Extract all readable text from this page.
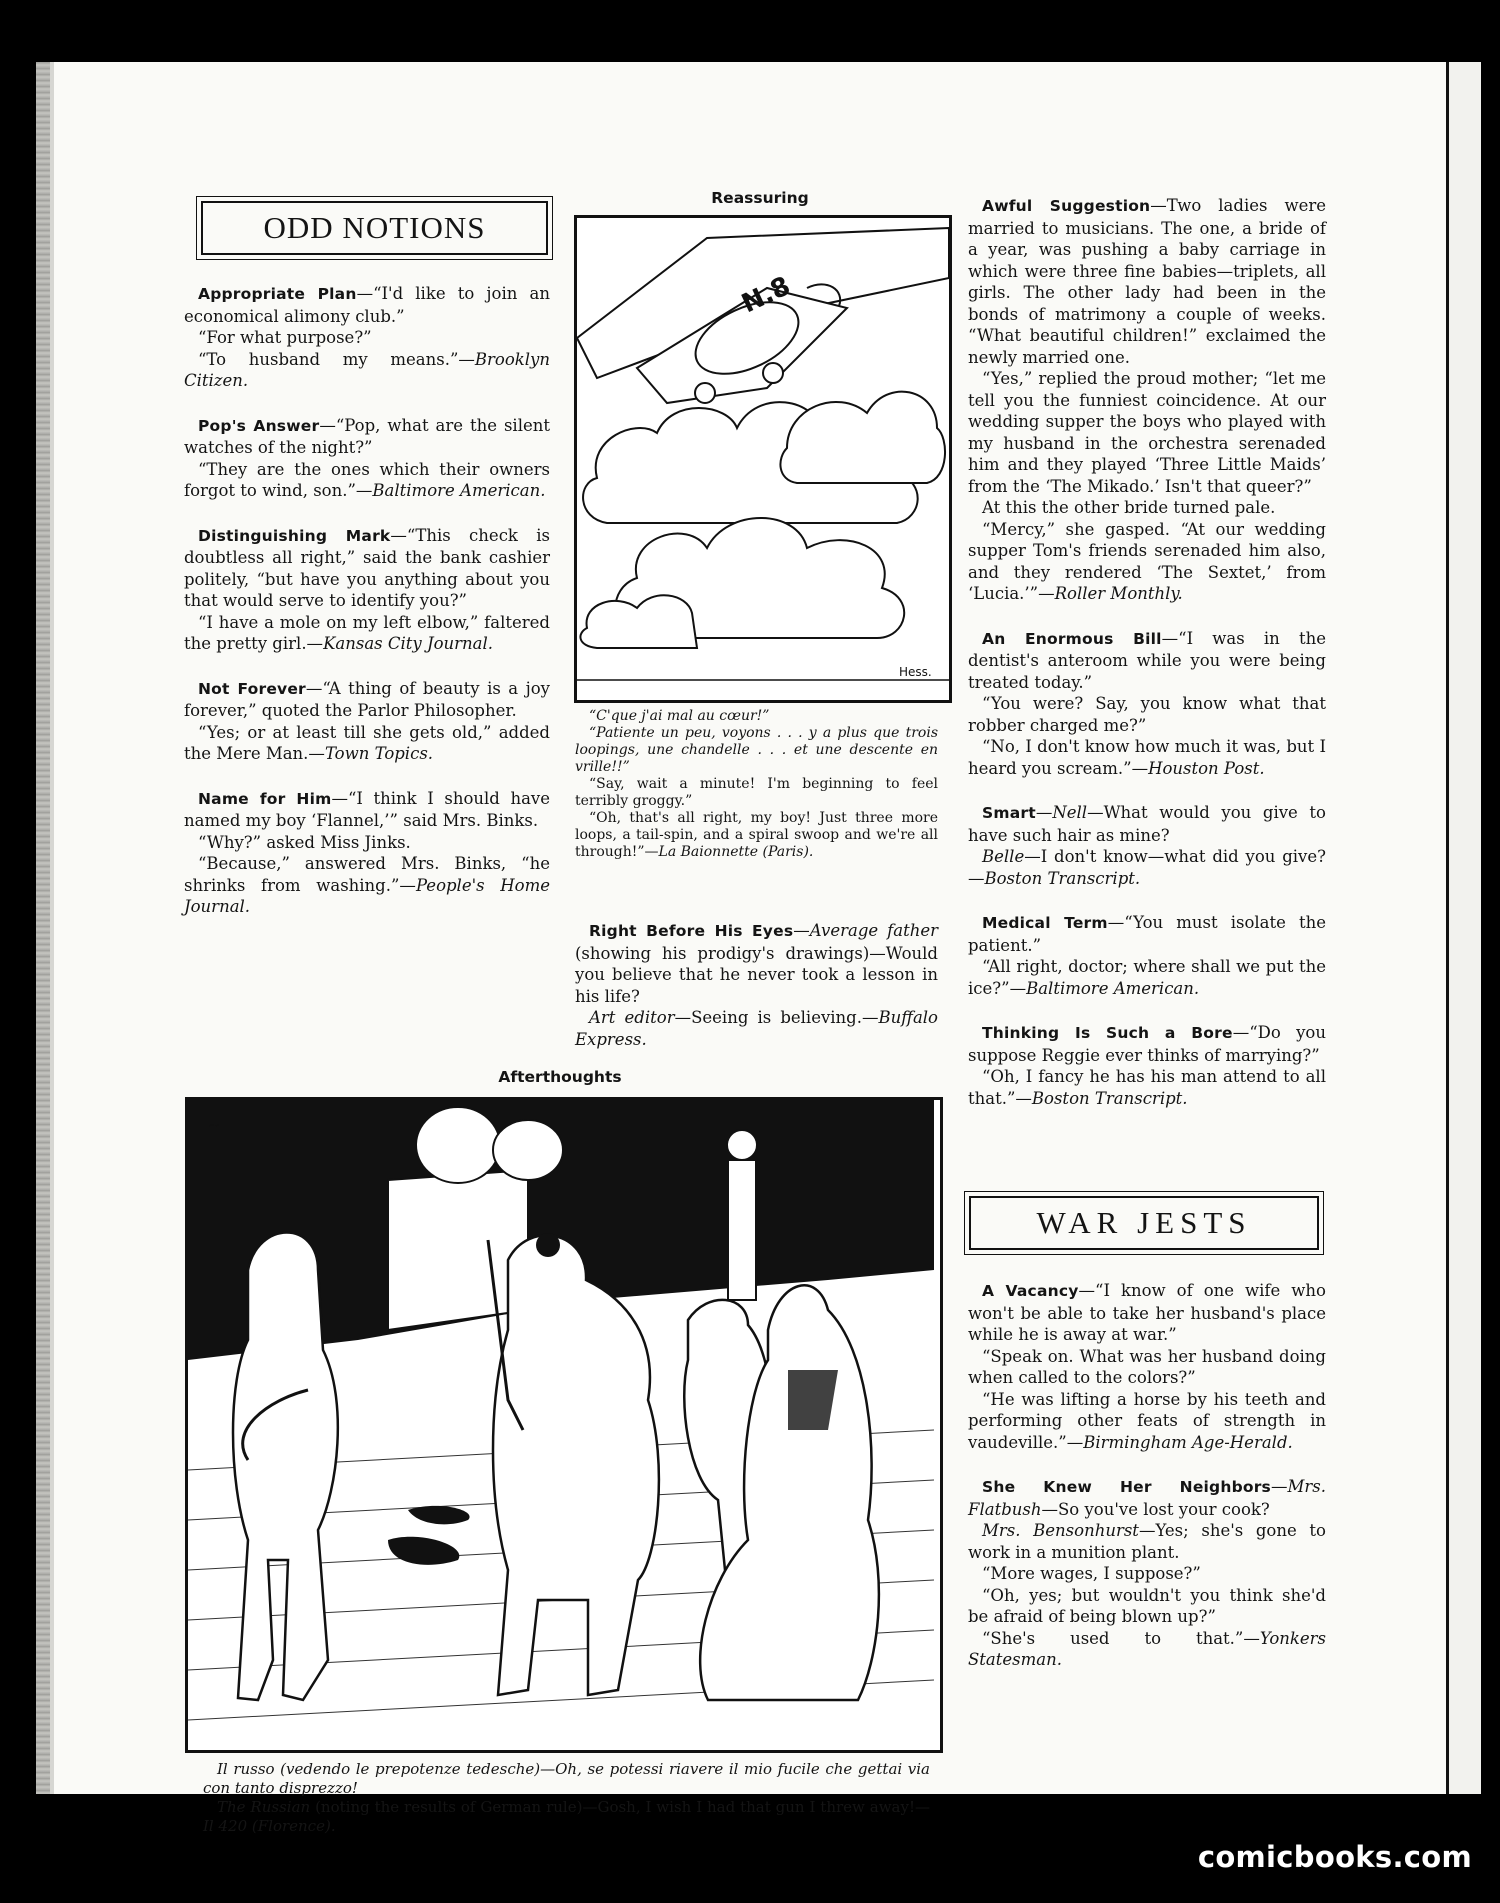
ODD NOTIONS

Appropriate Plan—“I'd like to join an economical alimony club.”

“For what purpose?”

“To husband my means.”—Brooklyn Citizen.

Pop's Answer—“Pop, what are the silent watches of the night?”

“They are the ones which their owners forgot to wind, son.”—Baltimore American.

Distinguishing Mark—“This check is doubtless all right,” said the bank cashier politely, “but have you anything about you that would serve to identify you?”

“I have a mole on my left elbow,” faltered the pretty girl.—Kansas City Journal.

Not Forever—“A thing of beauty is a joy forever,” quoted the Parlor Philosopher.

“Yes; or at least till she gets old,” added the Mere Man.—Town Topics.

Name for Him—“I think I should have named my boy ‘Flannel,’” said Mrs. Binks.

“Why?” asked Miss Jinks.

“Because,” answered Mrs. Binks, “he shrinks from washing.”—People's Home Journal.

Reassuring
N.8
Hess.

“C'que j'ai mal au cœur!”

“Patiente un peu, voyons . . . y a plus que trois loopings, une chandelle . . . et une descente en vrille!!”

“Say, wait a minute! I'm beginning to feel terribly groggy.”

“Oh, that's all right, my boy! Just three more loops, a tail-spin, and a spiral swoop and we're all through!”—La Baionnette (Paris).

Right Before His Eyes—Average father (showing his prodigy's drawings)—Would you believe that he never took a lesson in his life?

Art editor—Seeing is believing.—Buffalo Express.

Awful Suggestion—Two ladies were married to musicians. The one, a bride of a year, was pushing a baby carriage in which were three fine babies—triplets, all girls. The other lady had been in the bonds of matrimony a couple of weeks. “What beautiful children!” exclaimed the newly married one.

“Yes,” replied the proud mother; “let me tell you the funniest coincidence. At our wedding supper the boys who played with my husband in the orchestra serenaded him and they played ‘Three Little Maids’ from the ‘The Mikado.’ Isn't that queer?”

At this the other bride turned pale.

“Mercy,” she gasped. “At our wedding supper Tom's friends serenaded him also, and they rendered ‘The Sextet,’ from ‘Lucia.’”—Roller Monthly.

An Enormous Bill—“I was in the dentist's anteroom while you were being treated today.”

“You were? Say, you know what that robber charged me?”

“No, I don't know how much it was, but I heard you scream.”—Houston Post.

Smart—Nell—What would you give to have such hair as mine?

Belle—I don't know—what did you give?—Boston Transcript.

Medical Term—“You must isolate the patient.”

“All right, doctor; where shall we put the ice?”—Baltimore American.

Thinking Is Such a Bore—“Do you suppose Reggie ever thinks of marrying?”

“Oh, I fancy he has his man attend to all that.”—Boston Transcript.

WAR JESTS

A Vacancy—“I know of one wife who won't be able to take her husband's place while he is away at war.”

“Speak on. What was her husband doing when called to the colors?”

“He was lifting a horse by his teeth and performing other feats of strength in vaudeville.”—Birmingham Age-Herald.

She Knew Her Neighbors—Mrs. Flatbush—So you've lost your cook?

Mrs. Bensonhurst—Yes; she's gone to work in a munition plant.

“More wages, I suppose?”

“Oh, yes; but wouldn't you think she'd be afraid of being blown up?”

“She's used to that.”—Yonkers Statesman.

Afterthoughts
~

Il russo (vedendo le prepotenze tedesche)—Oh, se potessi riavere il mio fucile che gettai via con tanto disprezzo!

The Russian (noting the results of German rule)—Gosh, I wish I had that gun I threw away!—Il 420 (Florence).

comicbooks.com
